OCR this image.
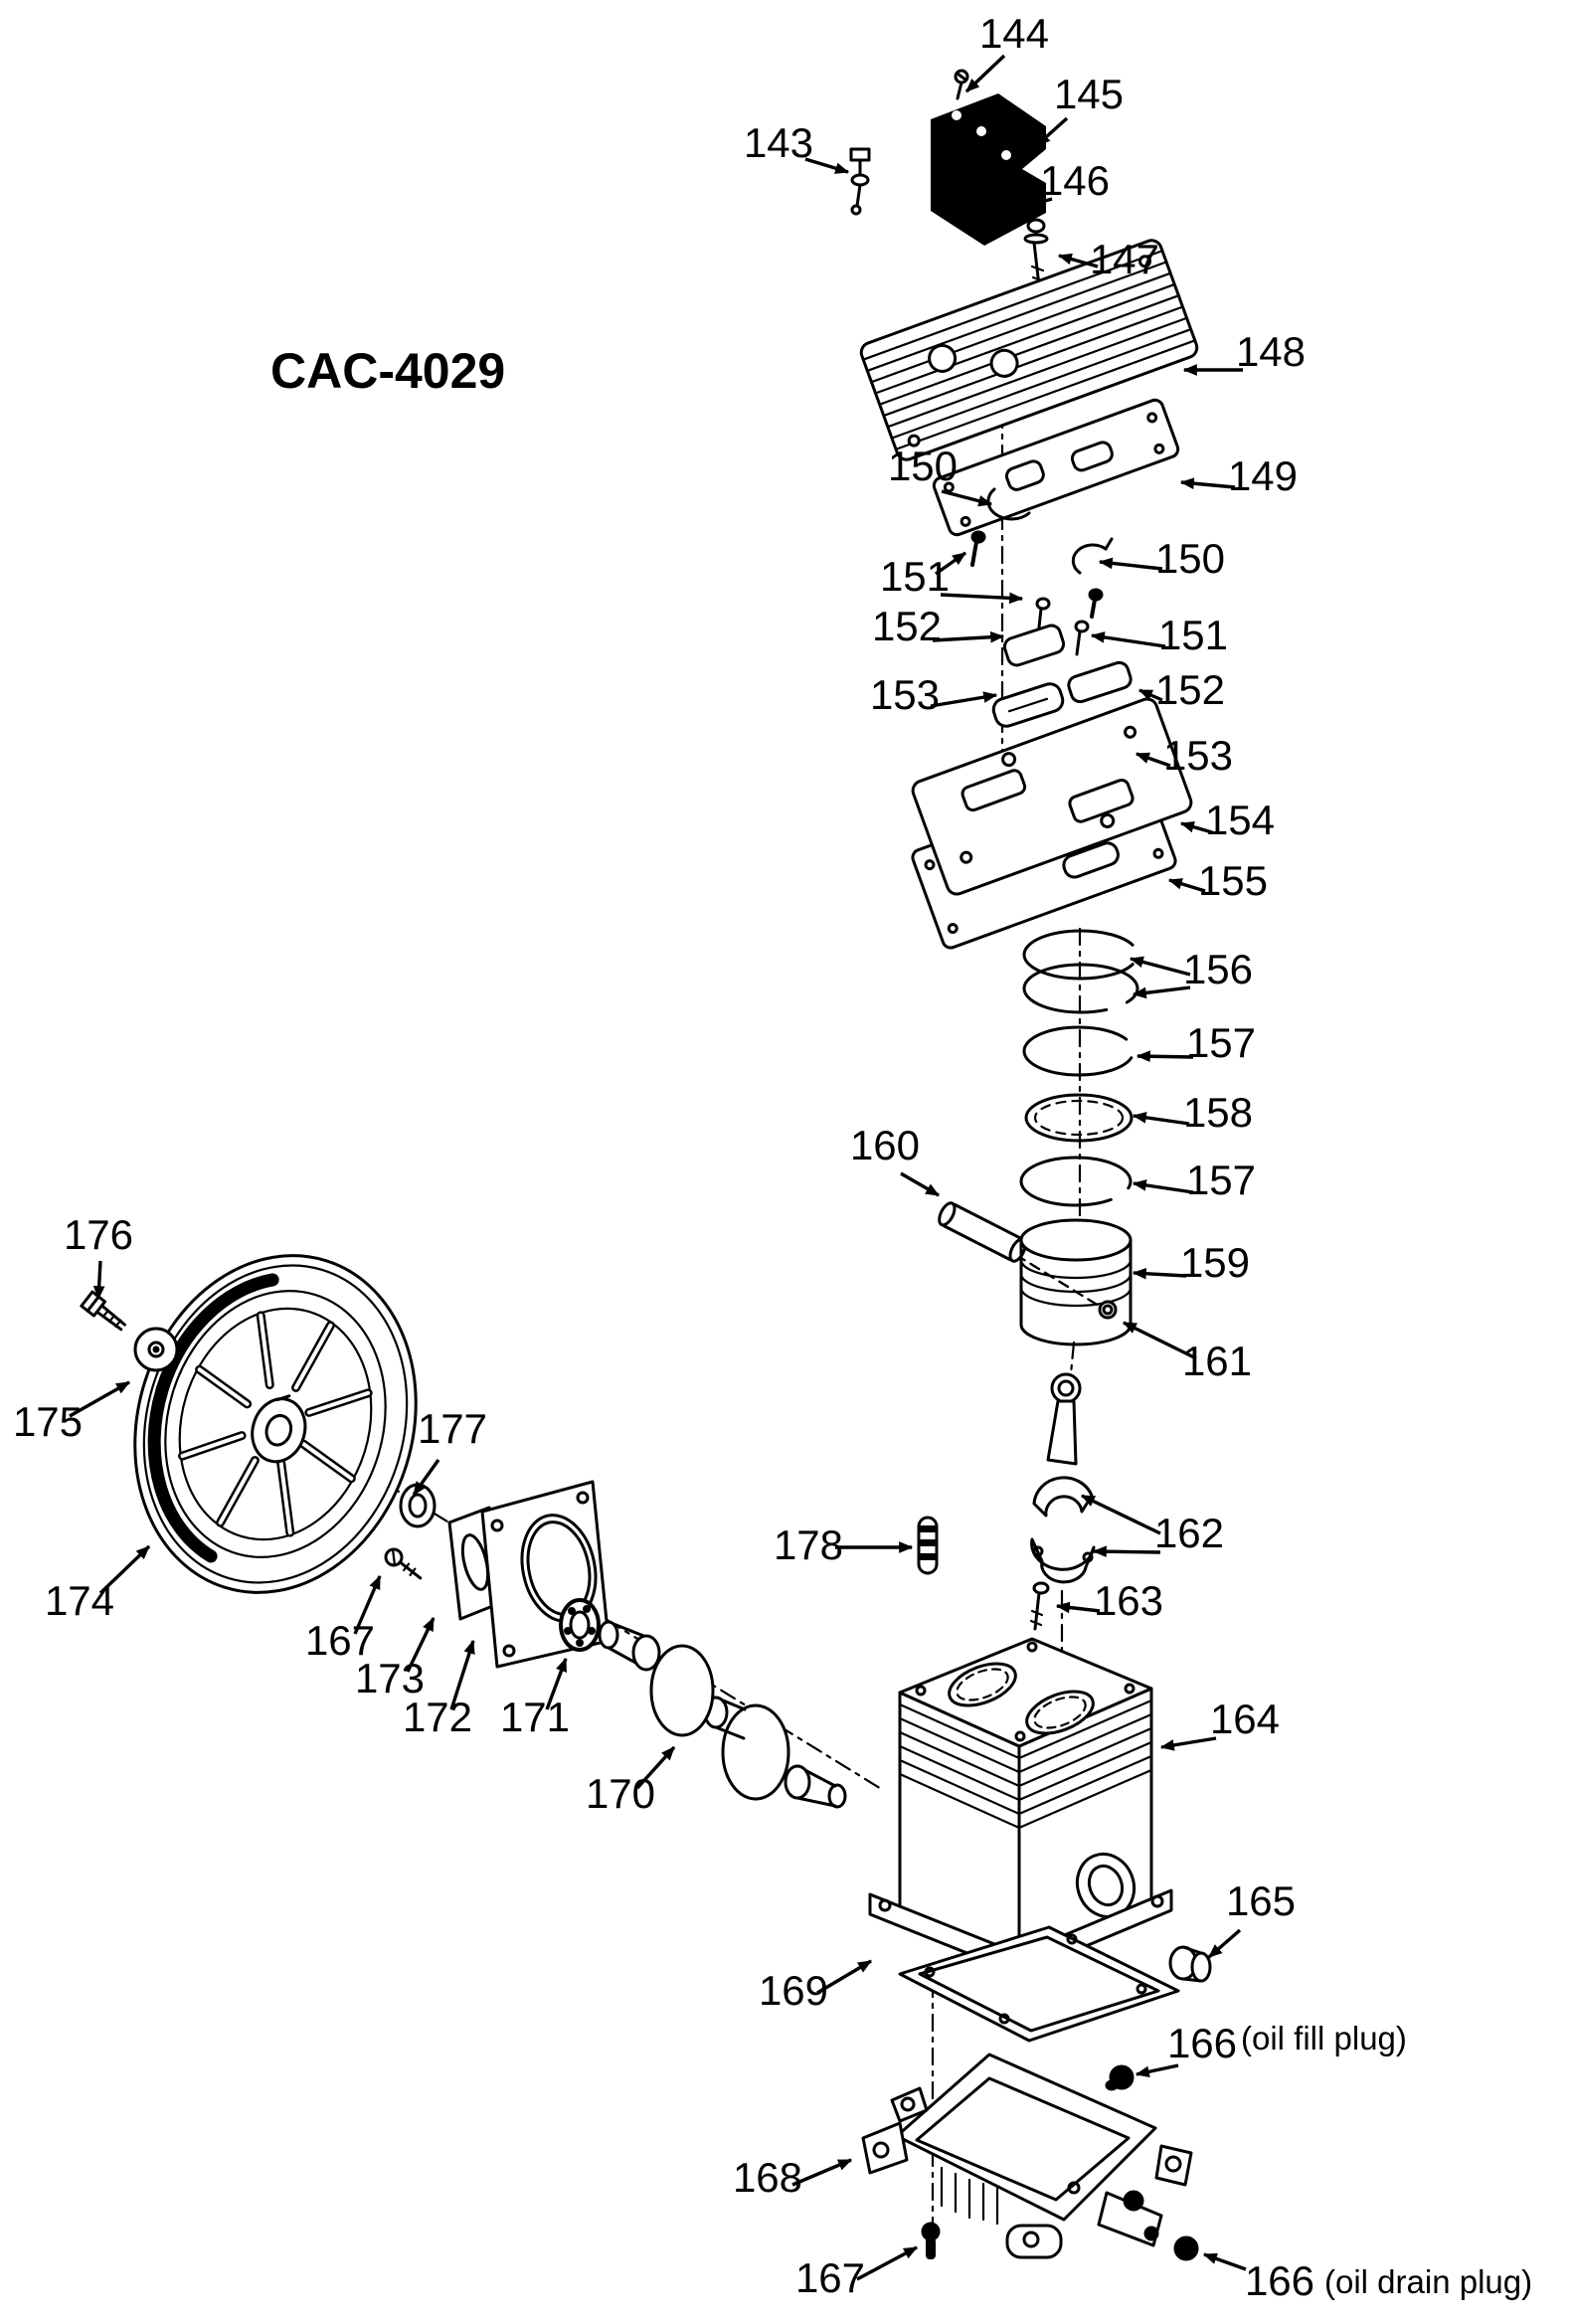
CAC-4029
144
143
145
146
147
148
149
150
151
152
153
150
151
152
153
154
155
156
157
158
157
160
159
161
176
175
174
177
167
173
172 171
170
178	162
163
164
165
169
166 (oil fill plug)
168
167	166 (oil drain plug)
